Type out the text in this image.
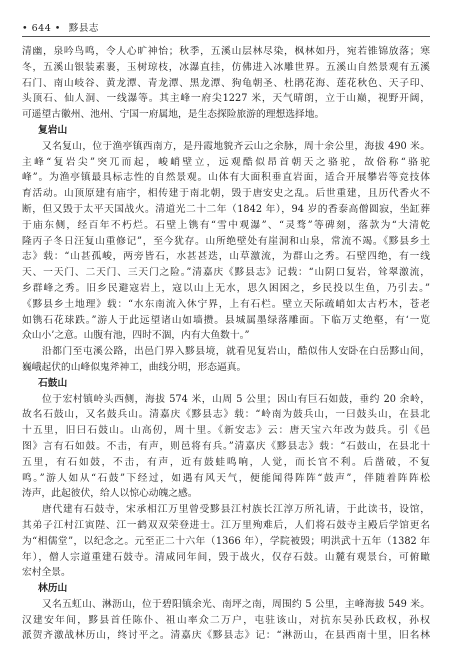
• 644 • 黟县志
清幽，泉吟鸟鸣，令人心旷神怡；秋季，五溪山层林尽染，枫林如丹，宛若锥锦放落；寒
冬，五溪山银装素裹，玉树琼枝，冰瀑直挂，仿佛进入冰雕世界。五溪山自然景观有五溪
石门、南山岐谷、黄龙潭、青龙潭、黑龙潭、狗龟朝圣、杜鹃花海、莲花秋色、天子印、
头顶石、仙人洞、一线瀑等。其主峰一府尖1227 米，天气晴朗，立于山巅，视野开阔，
可遥望古徽州、池州、宁国一府属地，是生态探险旅游的理想选择地。
复岩山
又名复山，位于渔亭镇西南方，是丹霞地貌齐云山之余脉，周十余公里，海拔 490 米。
主峰“复岩尖”突兀而起，峻峭壁立，远观酷似昂首朝天之骆驼，故俗称“骆驼
峰”。为渔亭镇最具标志性的自然景观。山体有大面积垂直岩面，适合开展攀岩等竞技体
育活动。山顶原建有庙宇，相传建于南北朝，毁于唐安史之乱。后世重建，且历代香火不
断，但又毁于太平天国战火。清道光二十二年（1842 年），94 岁的香泰高僧圆寂，坐缸葬
于庙东侧，经百年不朽烂。石壁上镌有“雪中观瀑”、“灵骛”等碑刻，落款为“大清乾
隆丙子冬日汪复山重修记”，至今犹存。山所绝壁处有崖洞和山泉，常流不竭。《黟县乡土
志》载：“山甚孤峻，两旁皆石，水甚甚迭，山草激流，为群山之秀。石壁四绝，有一线
天、一天门、二天门、三天门之险。”清嘉庆《黟县志》记载：“山阴口复岩，耸翠激流，
乡群峰之秀。旧乡民避寇岩上，寇以山上无水，思久困困之，乡民投以生鱼，乃引去。”
《黟县乡土地理》载：“水东南流入休宁界，上有石栏。壁立天际疏峭如太古朽木，苍老
如镌石花球跌。”游人于此远望诸山如墙攒。县城属墨绿落雕面。下临万丈绝壑，有‘一览
众山小’之意。山腹有池，四时不涸，内有大鱼数十。”
沿都门至屯溪公路，出邑门界入黟县境，就看见复岩山，酷似伟人安卧在白岳黟山间，
巍峨起伏的山峰似鬼斧神工，曲线分明，形态逼真。
石鼓山
位于宏村镇岭头西侧，海拔 574 米，山周 5 公里；因山有巨石如鼓，垂约 20 余岭，
故名石鼓山，又名鼓兵山。清嘉庆《黟县志》载：“岭南为鼓兵山，一曰鼓头山，在县北
十五里，旧曰石鼓山。山高仞，周十里。《新安志》云：唐天宝六年改为鼓兵。引《邑
图》言有石如鼓。不击，有声，则邑将有兵。”清嘉庆《黟县志》载：“石鼓山，在县北十
五里，有石如鼓，不击，有声，近有鼓蛙鸣响，人觉，而长官不利。后凿破，不复
鸣。”游人如从“石鼓”下经过，如遇有风天气，便能闻得阵阵“鼓声”，伴随着阵阵松
涛声，此起彼伏，给人以惊心动魄之感。
唐代建有石鼓寺，宋承相江万里曾受黟县江村族长江淳万所礼请，于此读书，设馆，
其弟子江村江寅陛、江一鹤双双荣登进士。江万里殉难后，人们将石鼓寺主殿后学馆更名
为“相儒堂”，以纪念之。元至正二十六年（1366 年），学院被毁；明洪武十五年（1382 年
年），僧人宗道重建石鼓寺。清咸同年间，毁于战火，仅存石鼓。山麓有观景台，可俯瞰
宏村全景。
林历山
又名五虹山、淋沥山，位于碧阳镇余光、南坪之南，周围约 5 公里，主峰海拔 549 米。
汉建安年间，黟县首任陈仆、祖山率众二万户，屯驻该山，对抗东吴孙氏政权，孙权
派贺齐激战林历山，终讨平之。清嘉庆《黟县志》记：“淋沥山，在县西南十里，旧名林
